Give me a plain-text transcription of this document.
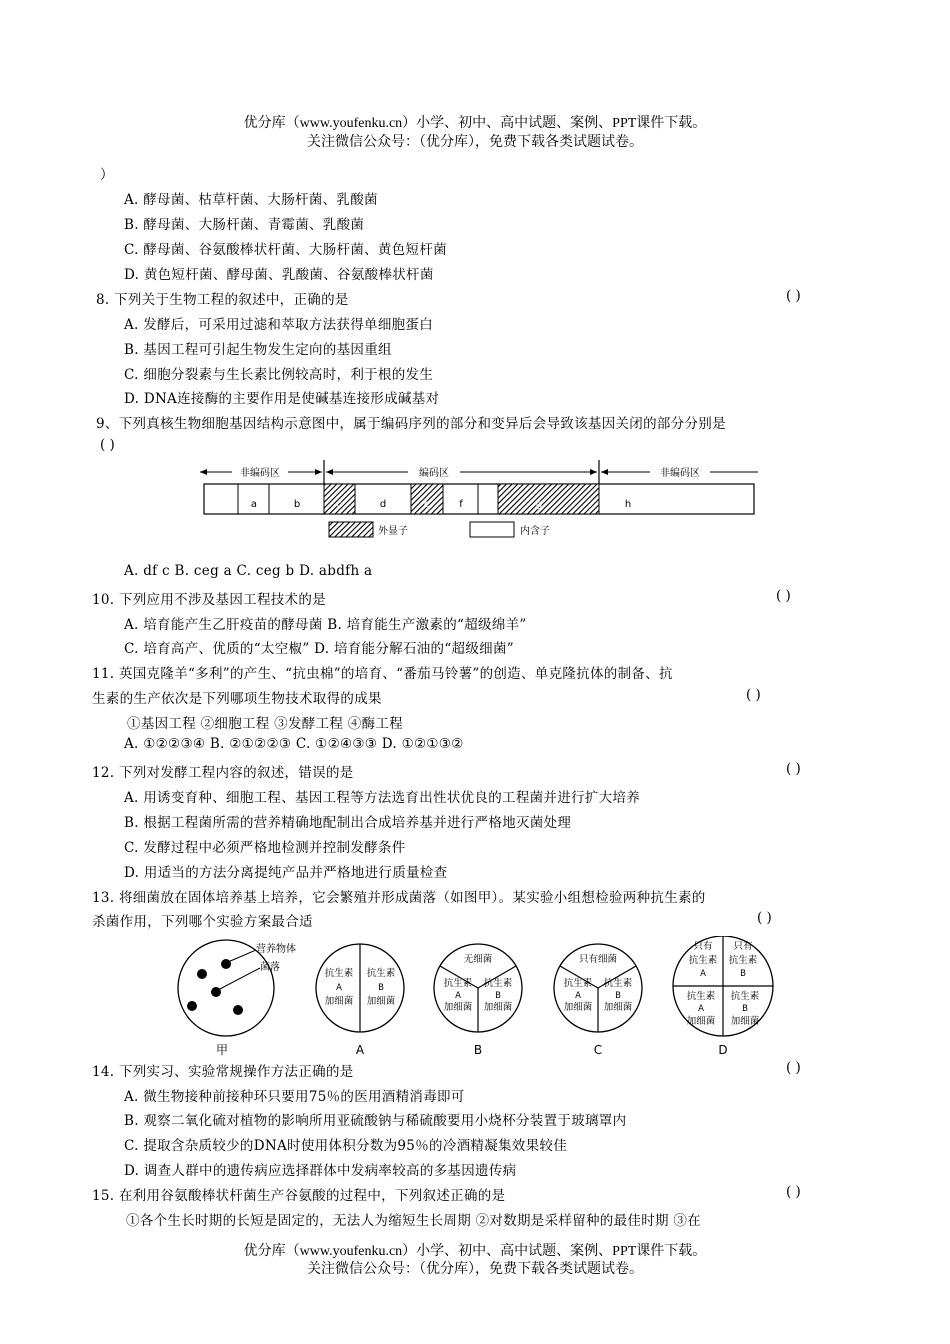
优分库（www.youfenku.cn）小学、初中、高中试题、案例、PPT课件下载。
关注微信公众号：（优分库），免费下载各类试题试卷。
）
A. 酵母菌、枯草杆菌、大肠杆菌、乳酸菌
B. 酵母菌、大肠杆菌、青霉菌、乳酸菌
C. 酵母菌、谷氨酸棒状杆菌、大肠杆菌、黄色短杆菌
D. 黄色短杆菌、酵母菌、乳酸菌、谷氨酸棒状杆菌
8. 下列关于生物工程的叙述中，正确的是	( )
A. 发酵后，可采用过滤和萃取方法获得单细胞蛋白
B. 基因工程可引起生物发生定向的基因重组
C. 细胞分裂素与生长素比例较高时，利于根的发生
D. DNA连接酶的主要作用是使碱基连接形成碱基对
9、下列真核生物细胞基因结构示意图中，属于编码序列的部分和变异后会导致该基因关闭的部分分别是
( )
非编码区	编码区	非编码区
a	b	c	d	e	f	g	h
外显子	内含子
A. df c B. ceg a C. ceg b D. abdfh a
10. 下列应用不涉及基因工程技术的是	( )
A. 培育能产生乙肝疫苗的酵母菌 B. 培育能生产激素的“超级绵羊”
C. 培育高产、优质的“太空椒” D. 培育能分解石油的“超级细菌”
11. 英国克隆羊“多利”的产生、“抗虫棉”的培育、“番茄马铃薯”的创造、单克隆抗体的制备、抗
生素的生产依次是下列哪项生物技术取得的成果	( )
①基因工程 ②细胞工程 ③发酵工程 ④酶工程
A. ①②②③④ B. ②①②②③ C. ①②④③③ D. ①②①③②
12. 下列对发酵工程内容的叙述，错误的是	( )
A. 用诱变育种、细胞工程、基因工程等方法选育出性状优良的工程菌并进行扩大培养
B. 根据工程菌所需的营养精确地配制出合成培养基并进行严格地灭菌处理
C. 发酵过程中必须严格地检测并控制发酵条件
D. 用适当的方法分离提纯产品并严格地进行质量检查
13. 将细菌放在固体培养基上培养，它会繁殖并形成菌落（如图甲）。某实验小组想检验两种抗生素的
杀菌作用，下列哪个实验方案最合适	( )
营养物体
菌落
甲
抗生素
A
加细菌
抗生素
B
加细菌
A
无细菌
抗生素
A
加细菌
抗生素
B
加细菌
B
只有细菌
抗生素
A
加细菌
抗生素
B
加细菌
C
只有
抗生素
A
只有
抗生素
B
抗生素
A
加细菌
抗生素
B
加细菌
D
14. 下列实习、实验常规操作方法正确的是	( )
A. 微生物接种前接种环只要用75％的医用酒精消毒即可
B. 观察二氧化硫对植物的影响所用亚硫酸钠与稀硫酸要用小烧杯分装置于玻璃罩内
C. 提取含杂质较少的DNA时使用体积分数为95％的冷酒精凝集效果较佳
D. 调查人群中的遗传病应选择群体中发病率较高的多基因遗传病
15. 在利用谷氨酸棒状杆菌生产谷氨酸的过程中，下列叙述正确的是	( )
①各个生长时期的长短是固定的，无法人为缩短生长周期 ②对数期是采样留种的最佳时期 ③在
优分库（www.youfenku.cn）小学、初中、高中试题、案例、PPT课件下载。
关注微信公众号：（优分库），免费下载各类试题试卷。
